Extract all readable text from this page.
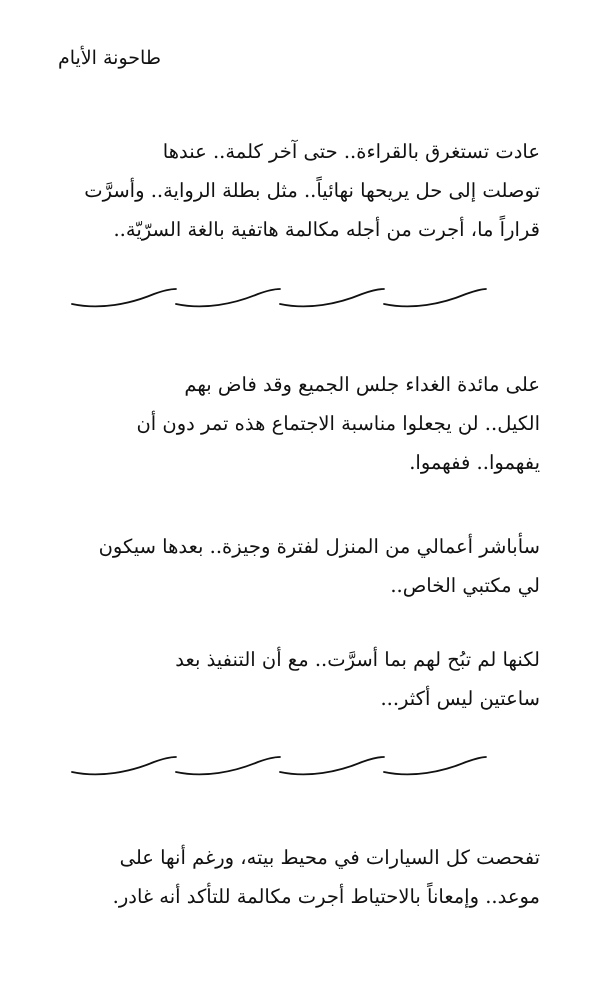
طاحونة الأيام
عادت تستغرق بالقراءة.. حتى آخر كلمة.. عندها
توصلت إلى حل يريحها نهائياً.. مثل بطلة الرواية.. وأسرَّت
قراراً ما، أجرت من أجله مكالمة هاتفية بالغة السرّيّة..
على مائدة الغداء جلس الجميع وقد فاض بهم
الكيل.. لن يجعلوا مناسبة الاجتماع هذه تمر دون أن
يفهموا.. ففهموا.
سأباشر أعمالي من المنزل لفترة وجيزة.. بعدها سيكون
لي مكتبي الخاص..
لكنها لم تبُح لهم بما أسرَّت.. مع أن التنفيذ بعد
ساعتين ليس أكثر...
تفحصت كل السيارات في محيط بيته، ورغم أنها على
موعد.. وإمعاناً بالاحتياط أجرت مكالمة للتأكد أنه غادر.
